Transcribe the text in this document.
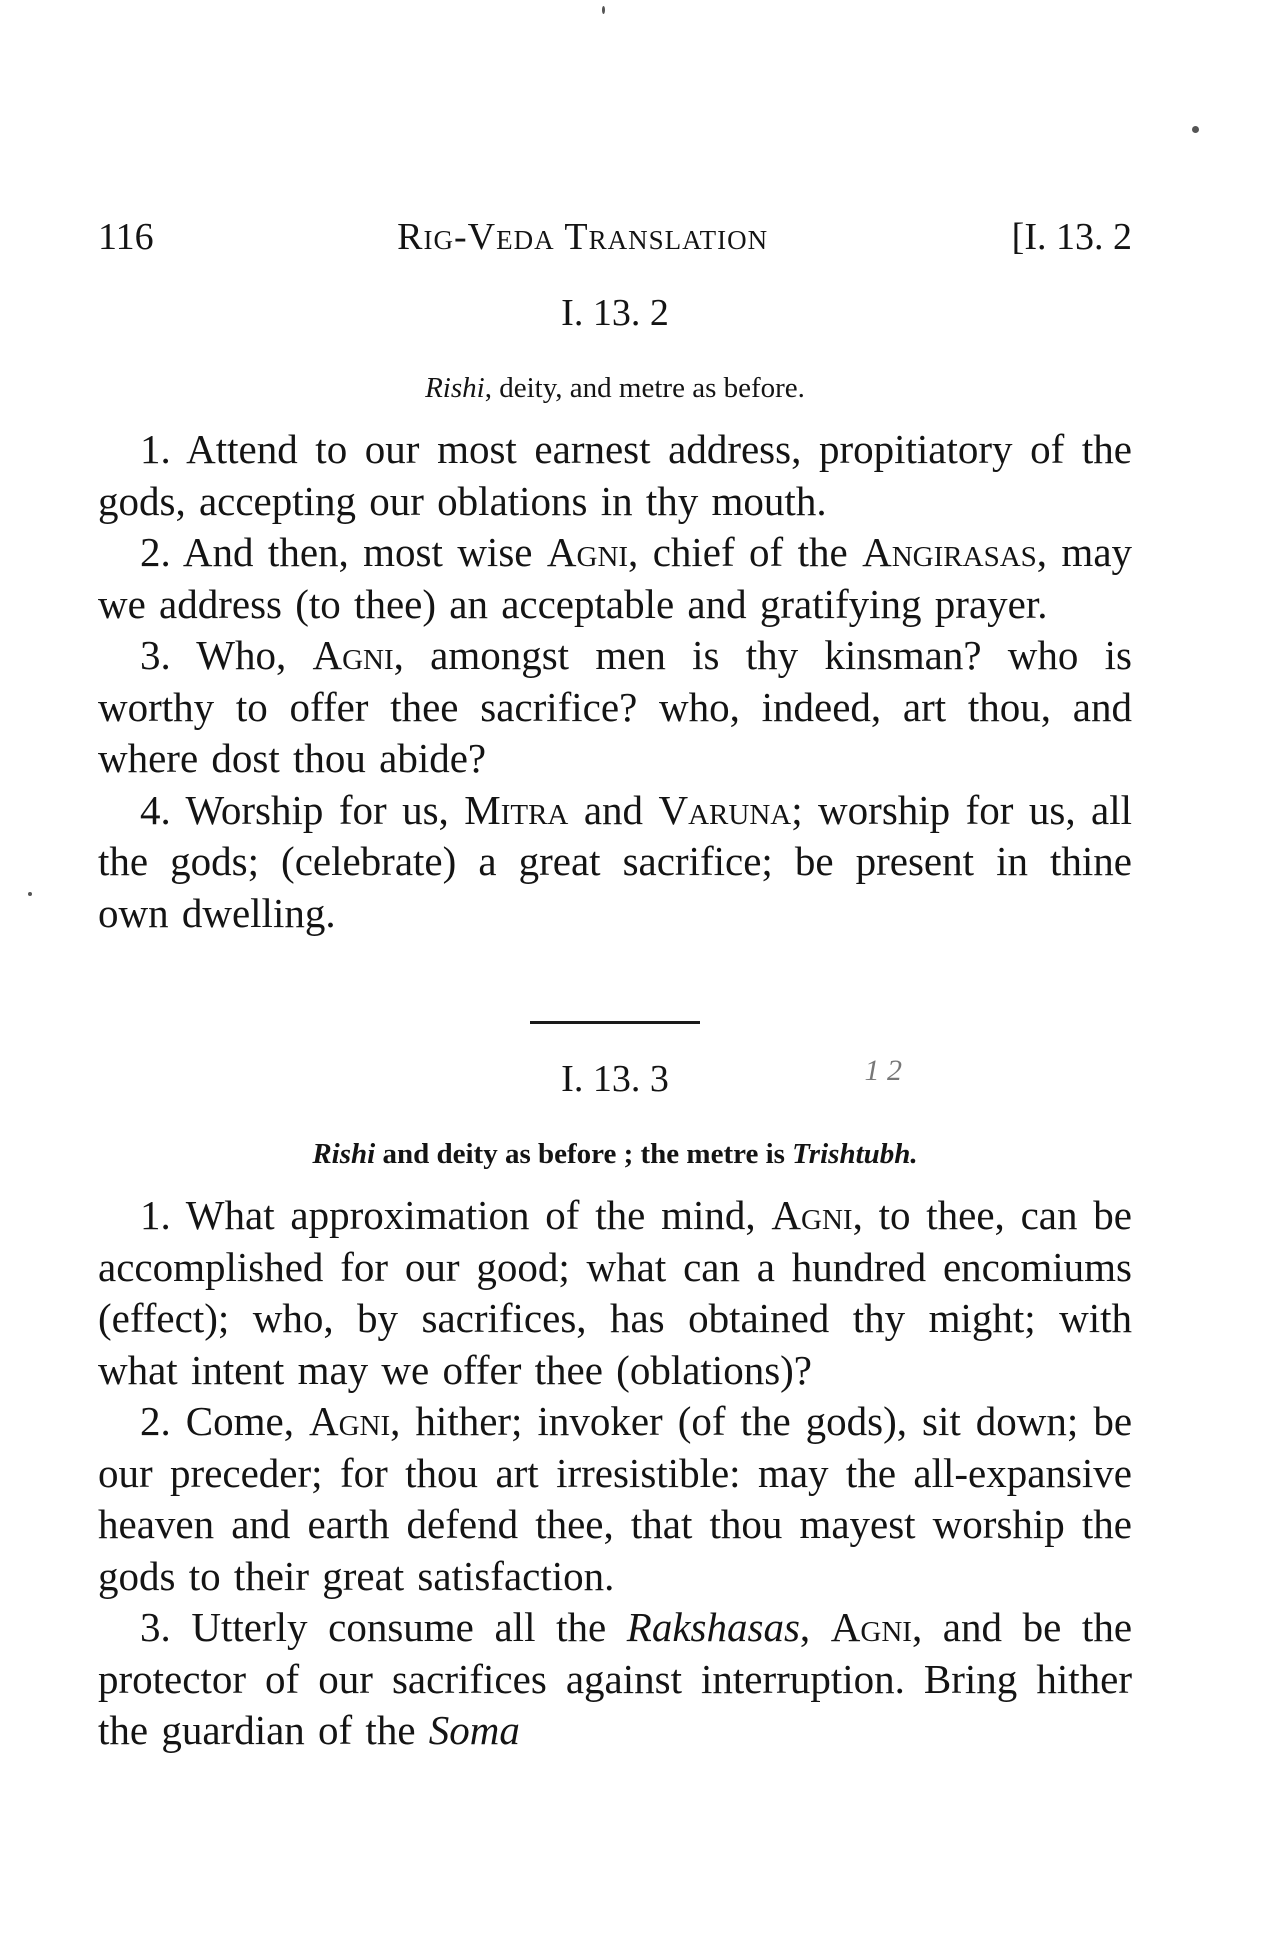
116	Rig-Veda Translation	[I. 13. 2
I. 13. 2
Rishi, deity, and metre as before.

1. Attend to our most earnest address, propitiatory of the gods, accepting our oblations in thy mouth.

2. And then, most wise Agni, chief of the Angirasas, may we address (to thee) an acceptable and gratifying prayer.

3. Who, Agni, amongst men is thy kinsman? who is worthy to offer thee sacrifice? who, indeed, art thou, and where dost thou abide?

4. Worship for us, Mitra and Varuna; worship for us, all the gods; (celebrate) a great sacrifice; be present in thine own dwelling.

I. 13. 3	1 2
Rishi and deity as before ; the metre is Trishtubh.

1. What approximation of the mind, Agni, to thee, can be accomplished for our good; what can a hundred encomiums (effect); who, by sacrifices, has obtained thy might; with what intent may we offer thee (oblations)?

2. Come, Agni, hither; invoker (of the gods), sit down; be our preceder; for thou art irresistible: may the all-expansive heaven and earth defend thee, that thou mayest worship the gods to their great satisfaction.

3. Utterly consume all the Rakshasas, Agni, and be the protector of our sacrifices against interruption. Bring hither the guardian of the Soma
